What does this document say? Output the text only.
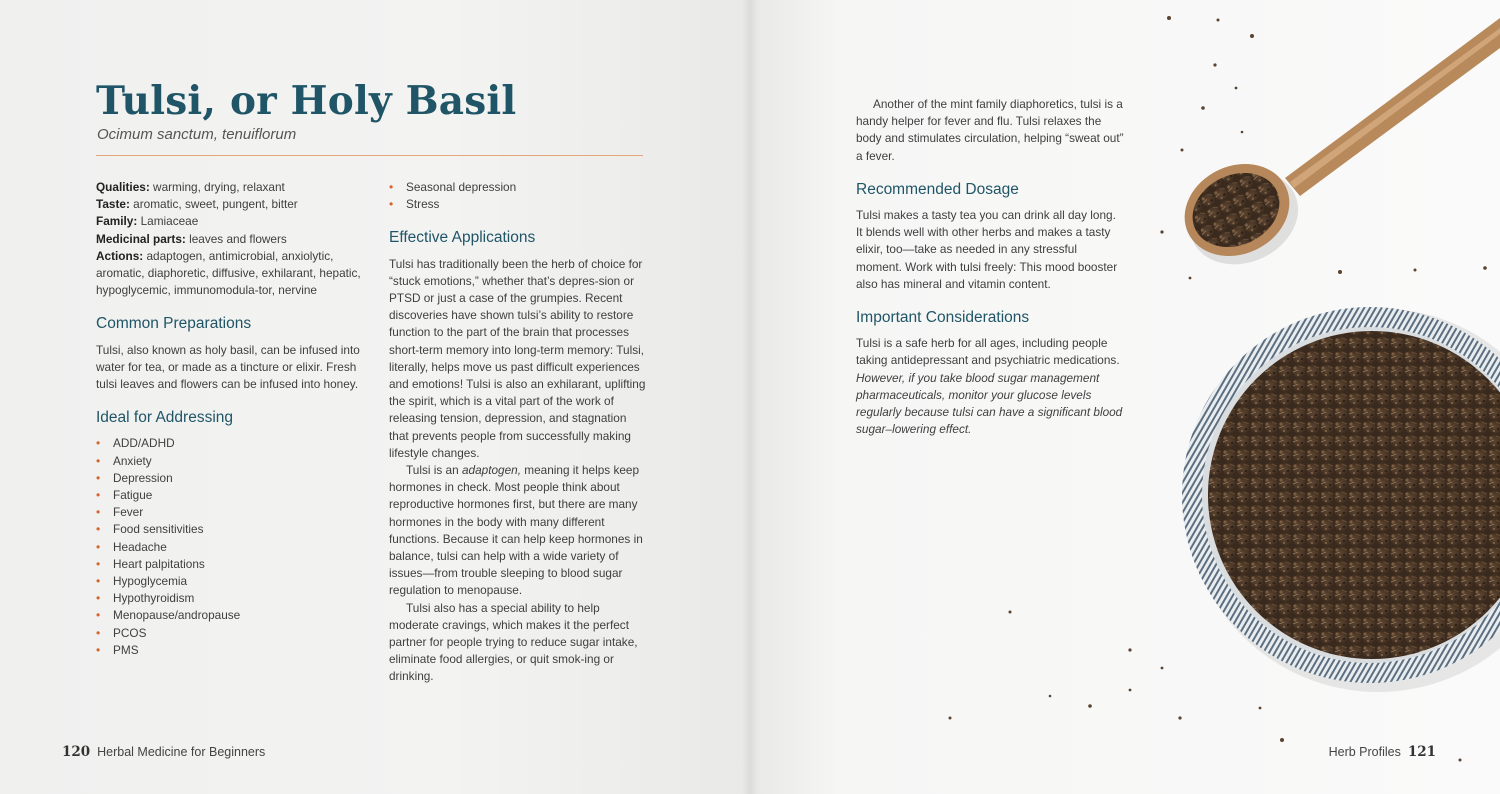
Tulsi, or Holy Basil
Ocimum sanctum, tenuiflorum
Qualities: warming, drying, relaxant
Taste: aromatic, sweet, pungent, bitter
Family: Lamiaceae
Medicinal parts: leaves and flowers
Actions: adaptogen, antimicrobial, anxiolytic, aromatic, diaphoretic, diffusive, exhilarant, hepatic, hypoglycemic, immunomodula-tor, nervine
Common Preparations

Tulsi, also known as holy basil, can be infused into water for tea, or made as a tincture or elixir. Fresh tulsi leaves and flowers can be infused into honey.

Ideal for Addressing
• ADD/ADHD
• Anxiety
• Depression
• Fatigue
• Fever
• Food sensitivities
• Headache
• Heart palpitations
• Hypoglycemia
• Hypothyroidism
• Menopause/andropause
• PCOS
• PMS
• Seasonal depression
• Stress
Effective Applications

Tulsi has traditionally been the herb of choice for “stuck emotions,” whether that’s depres-sion or PTSD or just a case of the grumpies. Recent discoveries have shown tulsi’s ability to restore function to the part of the brain that processes short-term memory into long-term memory: Tulsi, literally, helps move us past difficult experiences and emotions! Tulsi is also an exhilarant, uplifting the spirit, which is a vital part of the work of releasing tension, depression, and stagnation that prevents people from successfully making lifestyle changes.

Tulsi is an adaptogen, meaning it helps keep hormones in check. Most people think about reproductive hormones first, but there are many hormones in the body with many different functions. Because it can help keep hormones in balance, tulsi can help with a wide variety of issues—from trouble sleeping to blood sugar regulation to menopause.

Tulsi also has a special ability to help moderate cravings, which makes it the perfect partner for people trying to reduce sugar intake, eliminate food allergies, or quit smok-ing or drinking.

120 Herbal Medicine for Beginners

Another of the mint family diaphoretics, tulsi is a handy helper for fever and flu. Tulsi relaxes the body and stimulates circulation, helping “sweat out” a fever.

Recommended Dosage

Tulsi makes a tasty tea you can drink all day long. It blends well with other herbs and makes a tasty elixir, too—take as needed in any stressful moment. Work with tulsi freely: This mood booster also has mineral and vitamin content.

Important Considerations

Tulsi is a safe herb for all ages, including people taking antidepressant and psychiatric medications. However, if you take blood sugar management pharmaceuticals, monitor your glucose levels regularly because tulsi can have a significant blood sugar–lowering effect.

Herb Profiles 121
